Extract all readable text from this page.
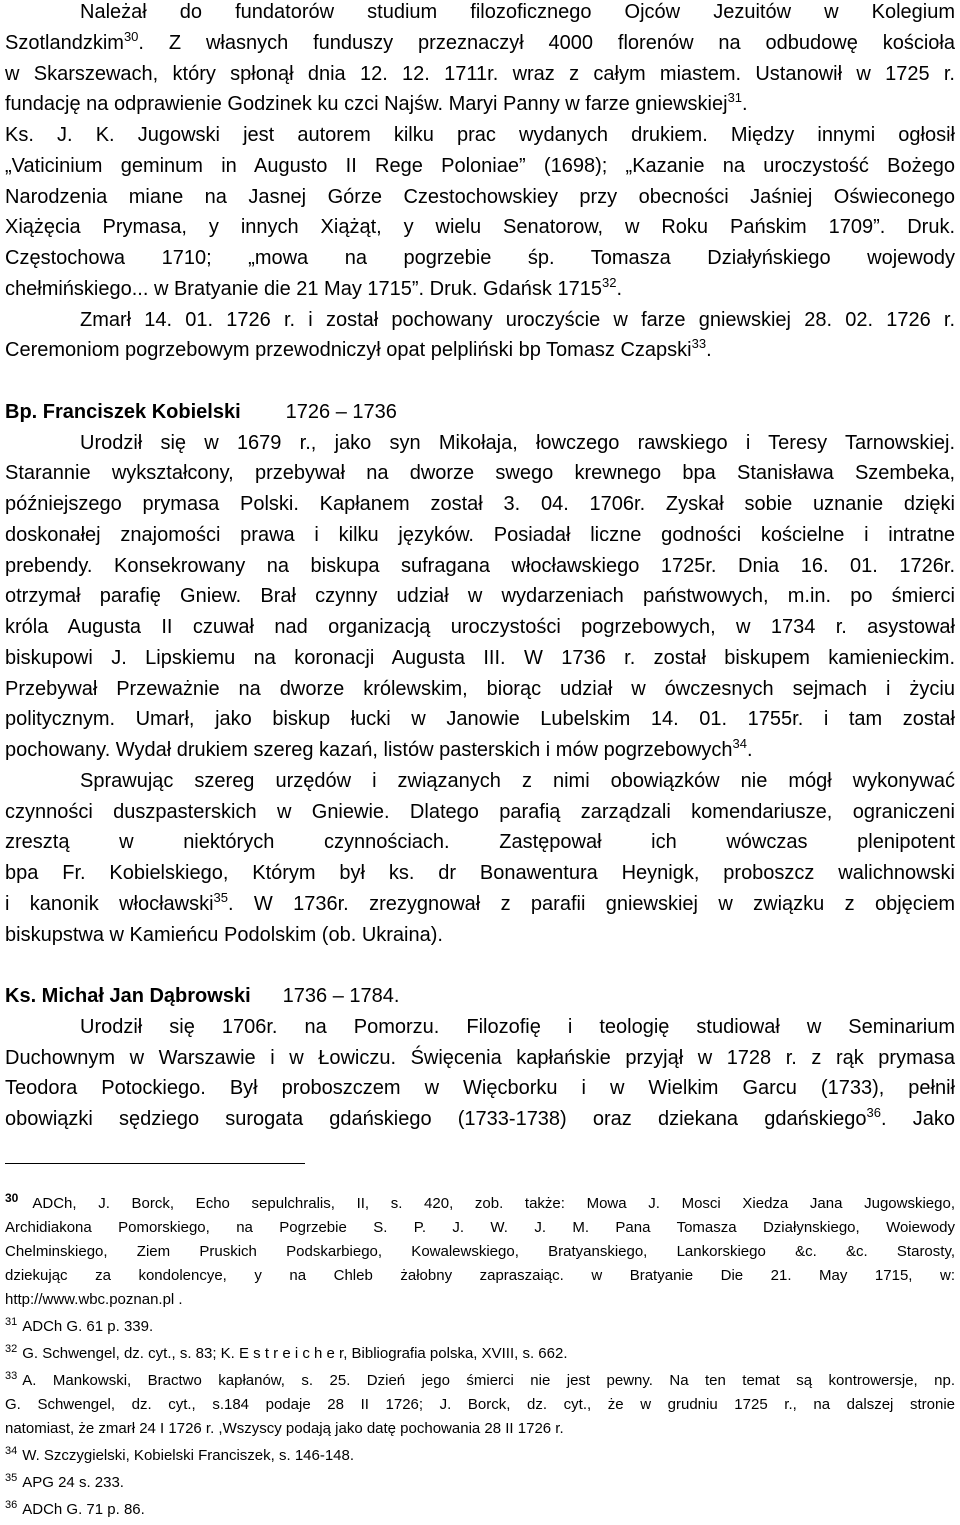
Należał do fundatorów studium filozoficznego Ojców Jezuitów w Kolegium
Szotlandzkim$^{30}$. Z własnych funduszy przeznaczył 4000 florenów na odbudowę kościoła
w Skarszewach, który spłonął dnia 12. 12. 1711r. wraz z całym miastem. Ustanowił w 1725 r.
fundację na odprawienie Godzinek ku czci Najśw. Maryi Panny w farze gniewskiej$^{31}$.
Ks. J. K. Jugowski jest autorem kilku prac wydanych drukiem. Między innymi ogłosił
„Vaticinium geminum in Augusto II Rege Poloniae” (1698); „Kazanie na uroczystość Bożego
Narodzenia miane na Jasnej Górze Czestochowskiey przy obecności Jaśniej Oświeconego
Xiążęcia Prymasa, y innych Xiążąt, y wielu Senatorow, w Roku Pańskim 1709”. Druk.
Częstochowa 1710; „mowa na pogrzebie śp. Tomasza Działyńskiego wojewody
chełmińskiego... w Bratyanie die 21 May 1715”. Druk. Gdańsk 1715$^{32}$.
Zmarł 14. 01. 1726 r. i został pochowany uroczyście w farze gniewskiej 28. 02. 1726 r.
Ceremoniom pogrzebowym przewodniczył opat pelpliński bp Tomasz Czapski$^{33}$.
Bp. Franciszek Kobielski 1726 – 1736
Urodził się w 1679 r., jako syn Mikołaja, łowczego rawskiego i Teresy Tarnowskiej.
Starannie wykształcony, przebywał na dworze swego krewnego bpa Stanisława Szembeka,
późniejszego prymasa Polski. Kapłanem został 3. 04. 1706r. Zyskał sobie uznanie dzięki
doskonałej znajomości prawa i kilku języków. Posiadał liczne godności kościelne i intratne
prebendy. Konsekrowany na biskupa sufragana włocławskiego 1725r. Dnia 16. 01. 1726r.
otrzymał parafię Gniew. Brał czynny udział w wydarzeniach państwowych, m.in. po śmierci
króla Augusta II czuwał nad organizacją uroczystości pogrzebowych, w 1734 r. asystował
biskupowi J. Lipskiemu na koronacji Augusta III. W 1736 r. został biskupem kamienieckim.
Przebywał Przeważnie na dworze królewskim, biorąc udział w ówczesnych sejmach i życiu
politycznym. Umarł, jako biskup łucki w Janowie Lubelskim 14. 01. 1755r. i tam został
pochowany. Wydał drukiem szereg kazań, listów pasterskich i mów pogrzebowych$^{34}$.
Sprawując szereg urzędów i związanych z nimi obowiązków nie mógł wykonywać
czynności duszpasterskich w Gniewie. Dlatego parafią zarządzali komendariusze, ograniczeni
zresztą w niektórych czynnościach. Zastępował ich wówczas plenipotent
bpa Fr. Kobielskiego, Którym był ks. dr Bonawentura Heynigk, proboszcz walichnowski
i kanonik włocławski$^{35}$. W 1736r. zrezygnował z parafii gniewskiej w związku z objęciem
biskupstwa w Kamieńcu Podolskim (ob. Ukraina).
Ks. Michał Jan Dąbrowski 1736 – 1784.
Urodził się 1706r. na Pomorzu. Filozofię i teologię studiował w Seminarium
Duchownym w Warszawie i w Łowiczu. Święcenia kapłańskie przyjął w 1728 r. z rąk prymasa
Teodora Potockiego. Był proboszczem w Więcborku i w Wielkim Garcu (1733), pełnił
obowiązki sędziego surogata gdańskiego (1733-1738) oraz dziekana gdańskiego$^{36}$. Jako
$^{30}$ ADCh, J. Borck, Echo sepulchralis, II, s. 420, zob. także: Mowa J. Mosci Xiedza Jana Jugowskiego,
Archidiakona Pomorskiego, na Pogrzebie S. P. J. W. J. M. Pana Tomasza Działynskiego, Woiewody
Chelminskiego, Ziem Pruskich Podskarbiego, Kowalewskiego, Bratyanskiego, Lankorskiego &c. &c. Starosty,
dziekując za kondolencye, y na Chleb żałobny zapraszaiąc. w Bratyanie Die 21. May 1715, w:
http://www.wbc.poznan.pl .
$^{31}$ ADCh G. 61 p. 339.
$^{32}$ G. Schwengel, dz. cyt., s. 83; K. E s t r e i c h e r, Bibliografia polska, XVIII, s. 662.
$^{33}$ A. Mankowski, Bractwo kapłanów, s. 25. Dzień jego śmierci nie jest pewny. Na ten temat są kontrowersje, np.
G. Schwengel, dz. cyt., s.184 podaje 28 II 1726; J. Borck, dz. cyt., że w grudniu 1725 r., na dalszej stronie
natomiast, że zmarł 24 I 1726 r. ,Wszyscy podają jako datę pochowania 28 II 1726 r.
$^{34}$ W. Szczygielski, Kobielski Franciszek, s. 146-148.
$^{35}$ APG 24 s. 233.
$^{36}$ ADCh G. 71 p. 86.
